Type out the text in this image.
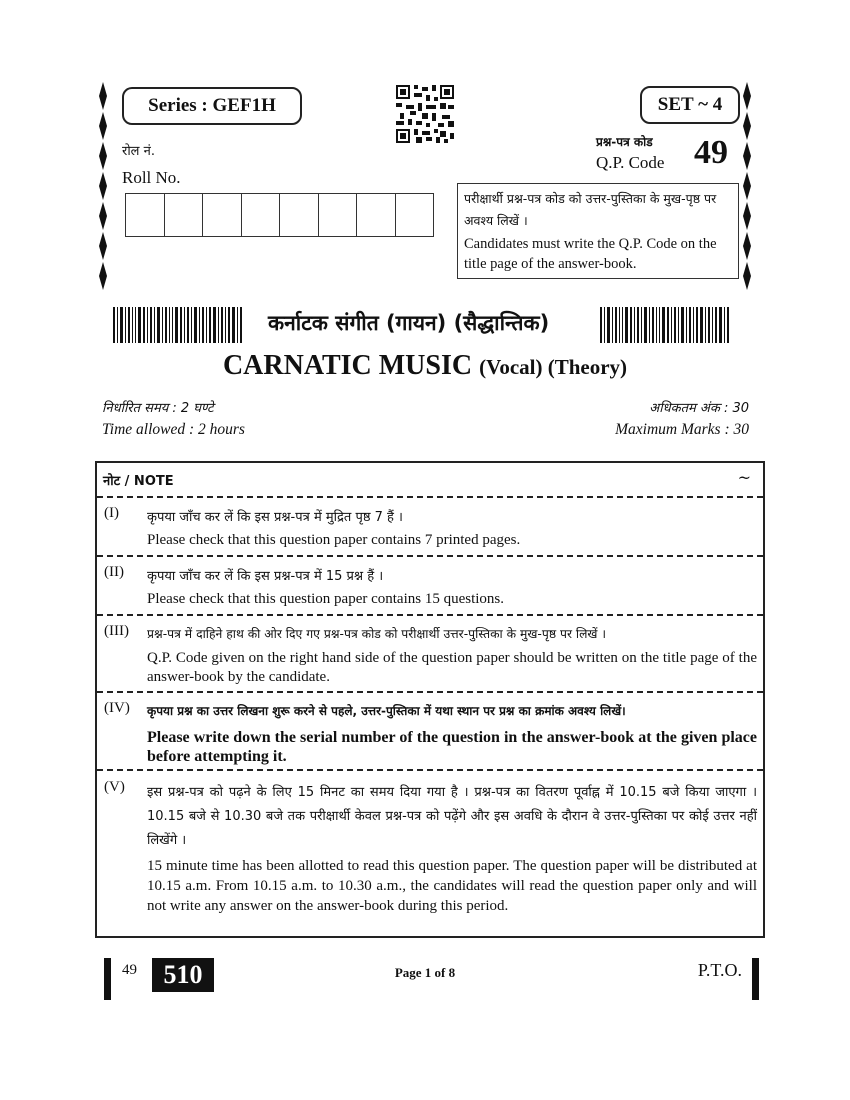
Series : GEF1H	SET ~ 4
प्रश्न-पत्र कोड
Q.P. Code 49
रोल नं.
Roll No.
परीक्षार्थी प्रश्न-पत्र कोड को उत्तर-पुस्तिका के मुख-पृष्ठ पर अवश्य लिखें ।
Candidates must write the Q.P. Code on the title page of the answer-book.
कर्नाटक संगीत (गायन) (सैद्धान्तिक)
CARNATIC MUSIC (Vocal) (Theory)
निर्धारित समय : 2 घण्टे
Time allowed : 2 hours
अधिकतम अंक : 30
Maximum Marks : 30
नोट / NOTE	~
(I) कृपया जाँच कर लें कि इस प्रश्न-पत्र में मुद्रित पृष्ठ 7 हैं ।
Please check that this question paper contains 7 printed pages.
(II) कृपया जाँच कर लें कि इस प्रश्न-पत्र में 15 प्रश्न हैं ।
Please check that this question paper contains 15 questions.
(III) प्रश्न-पत्र में दाहिने हाथ की ओर दिए गए प्रश्न-पत्र कोड को परीक्षार्थी उत्तर-पुस्तिका के मुख-पृष्ठ पर लिखें ।
Q.P. Code given on the right hand side of the question paper should be written on the title page of the answer-book by the candidate.
(IV) कृपया प्रश्न का उत्तर लिखना शुरू करने से पहले, उत्तर-पुस्तिका में यथा स्थान पर प्रश्न का क्रमांक अवश्य लिखें।
Please write down the serial number of the question in the answer-book at the given place before attempting it.
(V) इस प्रश्न-पत्र को पढ़ने के लिए 15 मिनट का समय दिया गया है । प्रश्न-पत्र का वितरण पूर्वाह्न में 10.15 बजे किया जाएगा । 10.15 बजे से 10.30 बजे तक परीक्षार्थी केवल प्रश्न-पत्र को पढ़ेंगे और इस अवधि के दौरान वे उत्तर-पुस्तिका पर कोई उत्तर नहीं लिखेंगे ।
15 minute time has been allotted to read this question paper. The question paper will be distributed at 10.15 a.m. From 10.15 a.m. to 10.30 a.m., the candidates will read the question paper only and will not write any answer on the answer-book during this period.
49	510	Page 1 of 8	P.T.O.
